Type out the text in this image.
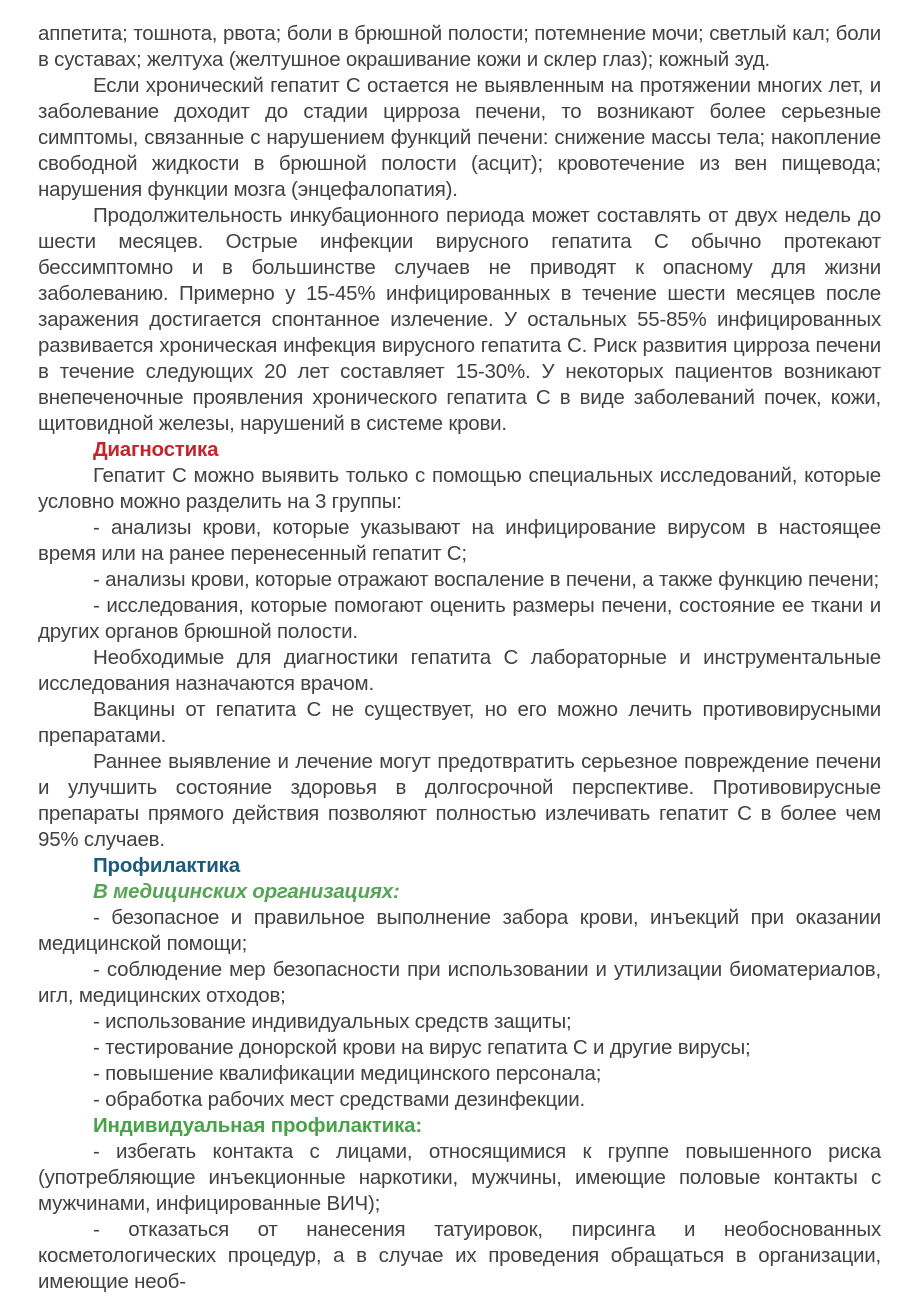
аппетита; тошнота, рвота; боли в брюшной полости; потемнение мочи; светлый кал; боли в суставах; желтуха (желтушное окрашивание кожи и склер глаз); кожный зуд.

Если хронический гепатит С остается не выявленным на протяжении многих лет, и заболевание доходит до стадии цирроза печени, то возникают более серьезные симптомы, связанные с нарушением функций печени: снижение массы тела; накопление свободной жидкости в брюшной полости (асцит); кровотечение из вен пищевода; нарушения функции мозга (энцефалопатия).

Продолжительность инкубационного периода может составлять от двух недель до шести месяцев. Острые инфекции вирусного гепатита С обычно протекают бессимптомно и в большинстве случаев не приводят к опасному для жизни заболеванию. Примерно у 15-45% инфицированных в течение шести месяцев после заражения достигается спонтанное излечение. У остальных 55-85% инфицированных развивается хроническая инфекция вирусного гепатита С. Риск развития цирроза печени в течение следующих 20 лет составляет 15-30%. У некоторых пациентов возникают внепеченочные проявления хронического гепатита С в виде заболеваний почек, кожи, щитовидной железы, нарушений в системе крови.

Диагностика

Гепатит С можно выявить только с помощью специальных исследований, которые условно можно разделить на 3 группы:

- анализы крови, которые указывают на инфицирование вирусом в настоящее время или на ранее перенесенный гепатит С;

- анализы крови, которые отражают воспаление в печени, а также функцию печени;

- исследования, которые помогают оценить размеры печени, состояние ее ткани и других органов брюшной полости.

Необходимые для диагностики гепатита С лабораторные и инструментальные исследования назначаются врачом.

Вакцины от гепатита С не существует, но его можно лечить противовирусными препаратами.

Раннее выявление и лечение могут предотвратить серьезное повреждение печени и улучшить состояние здоровья в долгосрочной перспективе. Противовирусные препараты прямого действия позволяют полностью излечивать гепатит С в более чем 95% случаев.

Профилактика

В медицинских организациях:

- безопасное и правильное выполнение забора крови, инъекций при оказании медицинской помощи;

- соблюдение мер безопасности при использовании и утилизации биоматериалов, игл, медицинских отходов;

- использование индивидуальных средств защиты;

- тестирование донорской крови на вирус гепатита С и другие вирусы;

- повышение квалификации медицинского персонала;

- обработка рабочих мест средствами дезинфекции.

Индивидуальная профилактика:

- избегать контакта с лицами, относящимися к группе повышенного риска (употребляющие инъекционные наркотики, мужчины, имеющие половые контакты с мужчинами, инфицированные ВИЧ);

- отказаться от нанесения татуировок, пирсинга и необоснованных косметологических процедур, а в случае их проведения обращаться в организации, имеющие необ-
